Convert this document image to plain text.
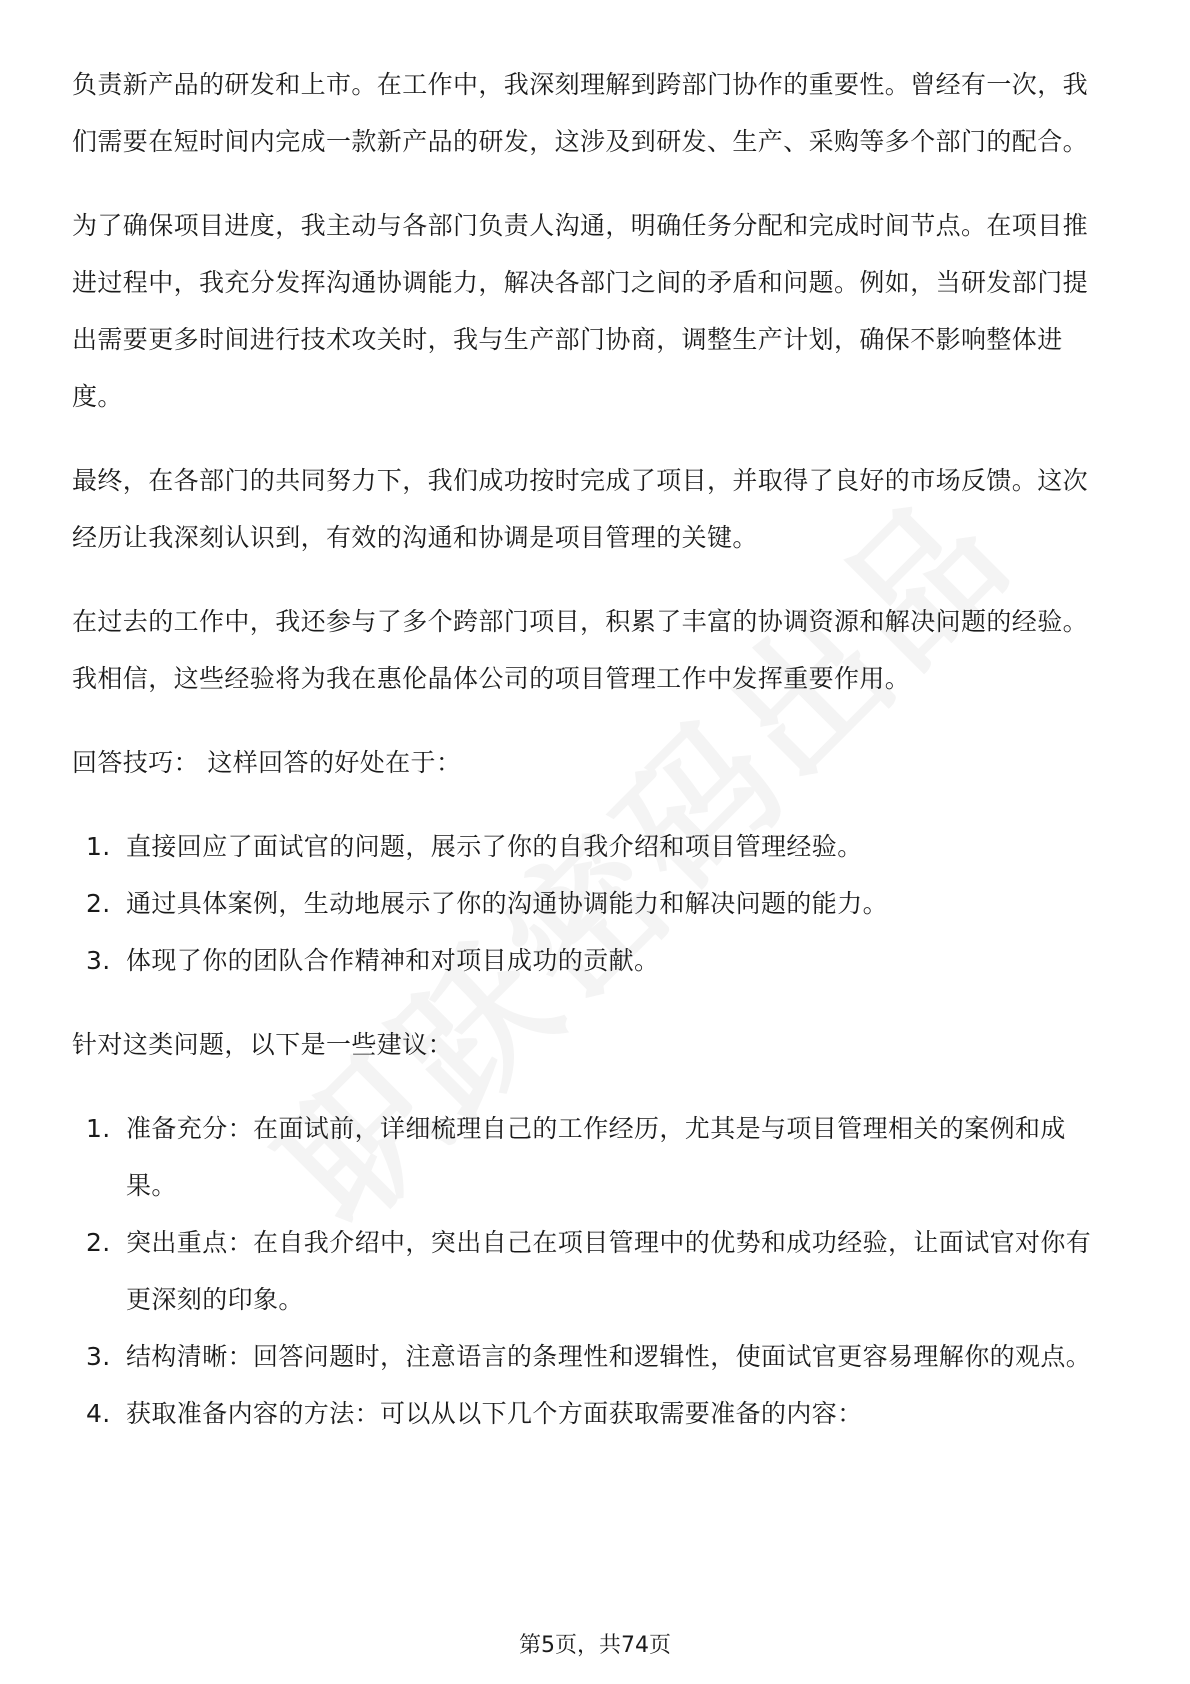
负责新产品的研发和上市。在工作中，我深刻理解到跨部门协作的重要性。曾经有一次，我们需要在短时间内完成一款新产品的研发，这涉及到研发、生产、采购等多个部门的配合。

为了确保项目进度，我主动与各部门负责人沟通，明确任务分配和完成时间节点。在项目推进过程中，我充分发挥沟通协调能力，解决各部门之间的矛盾和问题。例如，当研发部门提出需要更多时间进行技术攻关时，我与生产部门协商，调整生产计划，确保不影响整体进度。

最终，在各部门的共同努力下，我们成功按时完成了项目，并取得了良好的市场反馈。这次经历让我深刻认识到，有效的沟通和协调是项目管理的关键。

在过去的工作中，我还参与了多个跨部门项目，积累了丰富的协调资源和解决问题的经验。我相信，这些经验将为我在惠伦晶体公司的项目管理工作中发挥重要作用。

回答技巧： 这样回答的好处在于：

1. 直接回应了面试官的问题，展示了你的自我介绍和项目管理经验。
2. 通过具体案例，生动地展示了你的沟通协调能力和解决问题的能力。
3. 体现了你的团队合作精神和对项目成功的贡献。

针对这类问题，以下是一些建议：

1. 准备充分：在面试前，详细梳理自己的工作经历，尤其是与项目管理相关的案例和成果。
2. 突出重点：在自我介绍中，突出自己在项目管理中的优势和成功经验，让面试官对你有更深刻的印象。
3. 结构清晰：回答问题时，注意语言的条理性和逻辑性，使面试官更容易理解你的观点。
4. 获取准备内容的方法：可以从以下几个方面获取需要准备的内容：
第5页，共74页
